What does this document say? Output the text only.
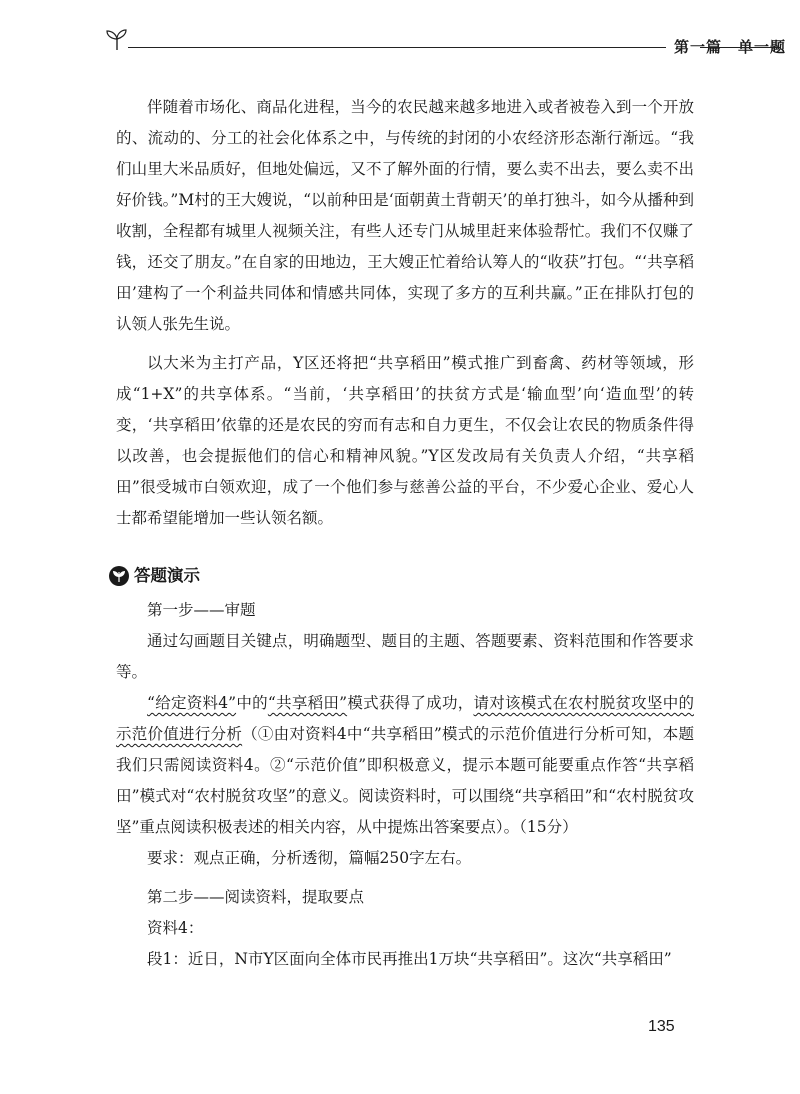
第一篇　单一题

伴随着市场化、商品化进程，当今的农民越来越多地进入或者被卷入到一个开放的、流动的、分工的社会化体系之中，与传统的封闭的小农经济形态渐行渐远。“我们山里大米品质好，但地处偏远，又不了解外面的行情，要么卖不出去，要么卖不出好价钱。”M村的王大嫂说，“以前种田是‘面朝黄土背朝天’的单打独斗，如今从播种到收割，全程都有城里人视频关注，有些人还专门从城里赶来体验帮忙。我们不仅赚了钱，还交了朋友。”在自家的田地边，王大嫂正忙着给认筹人的“收获”打包。“‘共享稻田’建构了一个利益共同体和情感共同体，实现了多方的互利共赢。”正在排队打包的认领人张先生说。

以大米为主打产品，Y区还将把“共享稻田”模式推广到畜禽、药材等领域，形成“1+X”的共享体系。“当前，‘共享稻田’的扶贫方式是‘输血型’向‘造血型’的转变，‘共享稻田’依靠的还是农民的穷而有志和自力更生，不仅会让农民的物质条件得以改善，也会提振他们的信心和精神风貌。”Y区发改局有关负责人介绍，“共享稻田”很受城市白领欢迎，成了一个他们参与慈善公益的平台，不少爱心企业、爱心人士都希望能增加一些认领名额。

答题演示

第一步——审题

通过勾画题目关键点，明确题型、题目的主题、答题要素、资料范围和作答要求等。

“给定资料4”中的“共享稻田”模式获得了成功，请对该模式在农村脱贫攻坚中的示范价值进行分析（①由对资料4中“共享稻田”模式的示范价值进行分析可知，本题我们只需阅读资料4。②“示范价值”即积极意义，提示本题可能要重点作答“共享稻田”模式对“农村脱贫攻坚”的意义。阅读资料时，可以围绕“共享稻田”和“农村脱贫攻坚”重点阅读积极表述的相关内容，从中提炼出答案要点）。（15分）

要求：观点正确，分析透彻，篇幅250字左右。

第二步——阅读资料，提取要点

资料4：

段1：近日，N市Y区面向全体市民再推出1万块“共享稻田”。这次“共享稻田”

135
